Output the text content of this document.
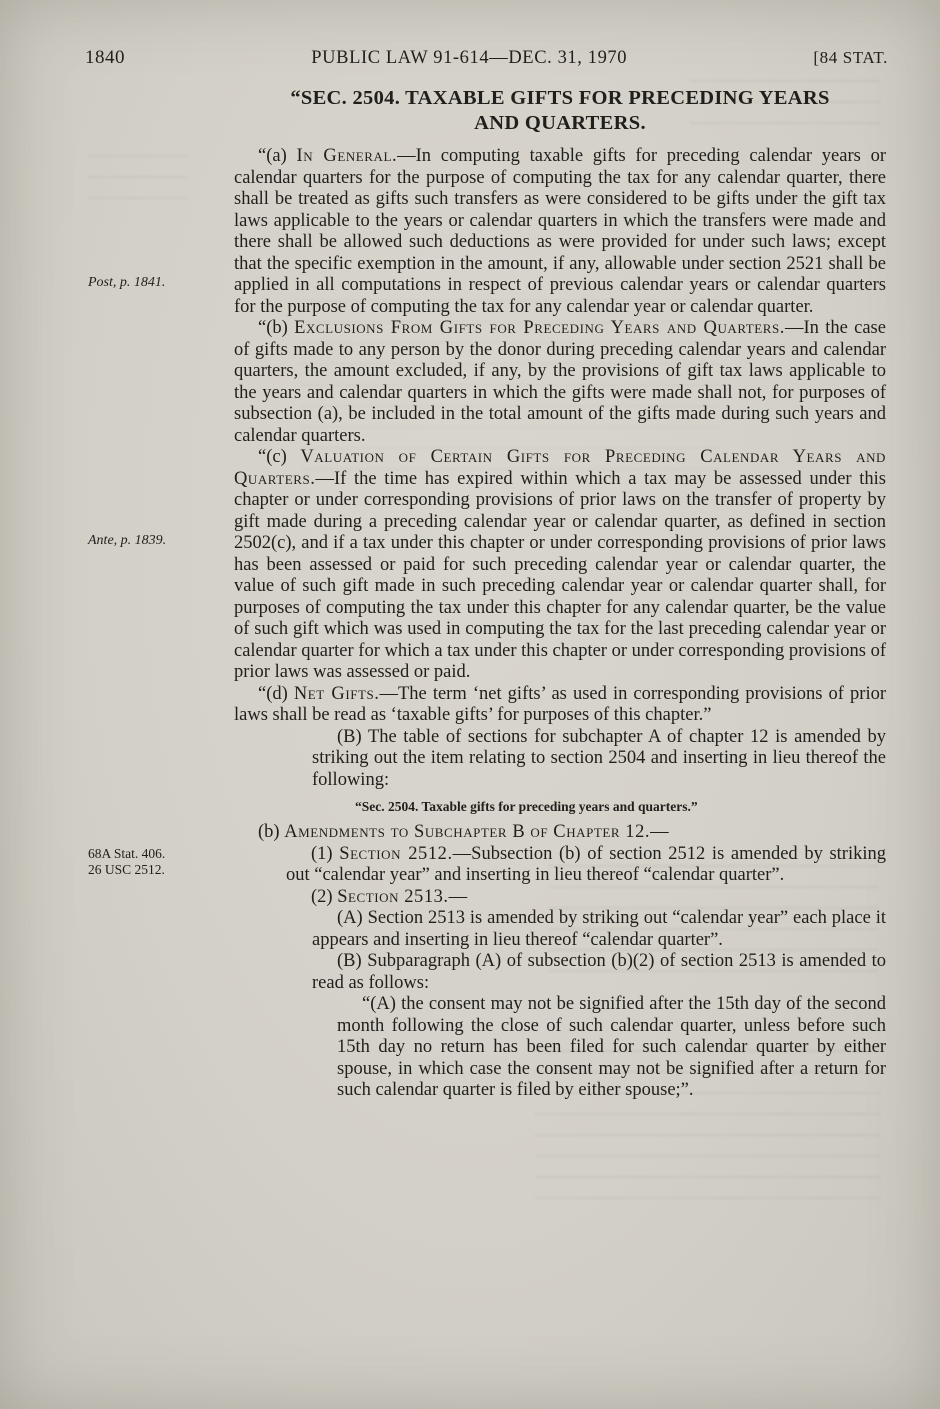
1840	PUBLIC LAW 91-614—DEC. 31, 1970	[84 STAT.
“SEC. 2504. TAXABLE GIFTS FOR PRECEDING YEARS
AND QUARTERS.

Post, p. 1841.
“(a) In General.—In computing taxable gifts for preceding calendar years or calendar quarters for the purpose of computing the tax for any calendar quarter, there shall be treated as gifts such transfers as were considered to be gifts under the gift tax laws applicable to the years or calendar quarters in which the transfers were made and there shall be allowed such deductions as were provided for under such laws; except that the specific exemption in the amount, if any, allowable under section 2521 shall be applied in all computations in respect of previous calendar years or calendar quarters for the purpose of computing the tax for any calendar year or calendar quarter.

“(b) Exclusions From Gifts for Preceding Years and Quarters.—In the case of gifts made to any person by the donor during preceding calendar years and calendar quarters, the amount excluded, if any, by the provisions of gift tax laws applicable to the years and calendar quarters in which the gifts were made shall not, for purposes of subsection (a), be included in the total amount of the gifts made during such years and calendar quarters.

Ante, p. 1839.
“(c) Valuation of Certain Gifts for Preceding Calendar Years and Quarters.—If the time has expired within which a tax may be assessed under this chapter or under corresponding provisions of prior laws on the transfer of property by gift made during a preceding calendar year or calendar quarter, as defined in section 2502(c), and if a tax under this chapter or under corresponding provisions of prior laws has been assessed or paid for such preceding calendar year or calendar quarter, the value of such gift made in such preceding calendar year or calendar quarter shall, for purposes of computing the tax under this chapter for any calendar quarter, be the value of such gift which was used in computing the tax for the last preceding calendar year or calendar quarter for which a tax under this chapter or under corresponding provisions of prior laws was assessed or paid.

“(d) Net Gifts.—The term ‘net gifts’ as used in corresponding provisions of prior laws shall be read as ‘taxable gifts’ for purposes of this chapter.”

(B) The table of sections for subchapter A of chapter 12 is amended by striking out the item relating to section 2504 and inserting in lieu thereof the following:

“Sec. 2504. Taxable gifts for preceding years and quarters.”

(b) Amendments to Subchapter B of Chapter 12.—

68A Stat. 406.
26 USC 2512.
(1) Section 2512.—Subsection (b) of section 2512 is amended by striking out “calendar year” and inserting in lieu thereof “calendar quarter”.

(2) Section 2513.—

(A) Section 2513 is amended by striking out “calendar year” each place it appears and inserting in lieu thereof “calendar quarter”.

(B) Subparagraph (A) of subsection (b)(2) of section 2513 is amended to read as follows:

“(A) the consent may not be signified after the 15th day of the second month following the close of such calendar quarter, unless before such 15th day no return has been filed for such calendar quarter by either spouse, in which case the consent may not be signified after a return for such calendar quarter is filed by either spouse;”.
